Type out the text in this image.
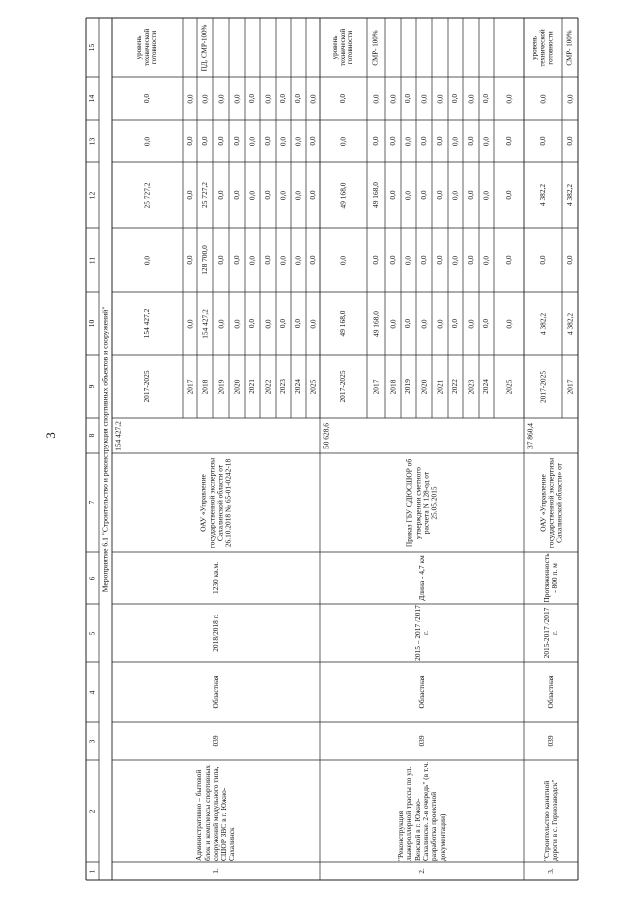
3
1
2
3
4
5
6
7
8
9
10
11
12
13
14
15
Мероприятие 6.1 "Строительство и реконструкция спортивных объектов и сооружений"
1.
Административно – бытовой блок и комплексы спортивных сооружений модульного типа, СШОР ЗВС в г. Южно-Сахалинск
039
Областная
2018/2018 г.
1230 кв.м.
ОАУ «Управление государственной экспертизы Сахалинской области от 26.10.2018 № 65-01-0242-18
154 427,2
2017-2025
154 427,2
0,0
25 727,2
0,0
0,0
уровень технической готовности
2017
0,0
0,0
0,0
0,0
0,0
2018
154 427,2
128 700,0
25 727,2
0,0
0,0
ПД, СМР-100%
2019
0,0
0,0
0,0
0,0
0,0
2020
0,0
0,0
0,0
0,0
0,0
2021
0,0
0,0
0,0
0,0
0,0
2022
0,0
0,0
0,0
0,0
0,0
2023
0,0
0,0
0,0
0,0
0,0
2024
0,0
0,0
0,0
0,0
0,0
2025
0,0
0,0
0,0
0,0
0,0
2.
"Реконструкция лыжероллерной трассы по ул. Венской в г. Южно-Сахалинске. 2-я очередь" (в т.ч. разработка проектной документации)
039
Областная
2015 – 2017 /2017 г.
Длина - 4,7 км
Приказ ГБУ СДЮСШОР об утверждении сметного расчета N 128-од от 25.05.2015
50 628,6
2017-2025
49 168,0
0,0
49 168,0
0,0
0,0
уровень технической готовности
2017
49 168,0
0,0
49 168,0
0,0
0,0
СМР- 100%
2018
0,0
0,0
0,0
0,0
0,0
2019
0,0
0,0
0,0
0,0
0,0
2020
0,0
0,0
0,0
0,0
0,0
2021
0,0
0,0
0,0
0,0
0,0
2022
0,0
0,0
0,0
0,0
0,0
2023
0,0
0,0
0,0
0,0
0,0
2024
0,0
0,0
0,0
0,0
0,0
2025
0,0
0,0
0,0
0,0
0,0
3.
"Строительство канатной дороги в с. Горнозаводск"
039
Областная
2015-2017 /2017 г.
Протяженность - 800 п. м
ОАУ «Управление государственной экспертизы Сахалинской области» от
37 860,4
2017-2025
4 382,2
0,0
4 382,2
0,0
0,0
уровень технической готовности
2017
4 382,2
0,0
4 382,2
0,0
0,0
СМР- 100%
